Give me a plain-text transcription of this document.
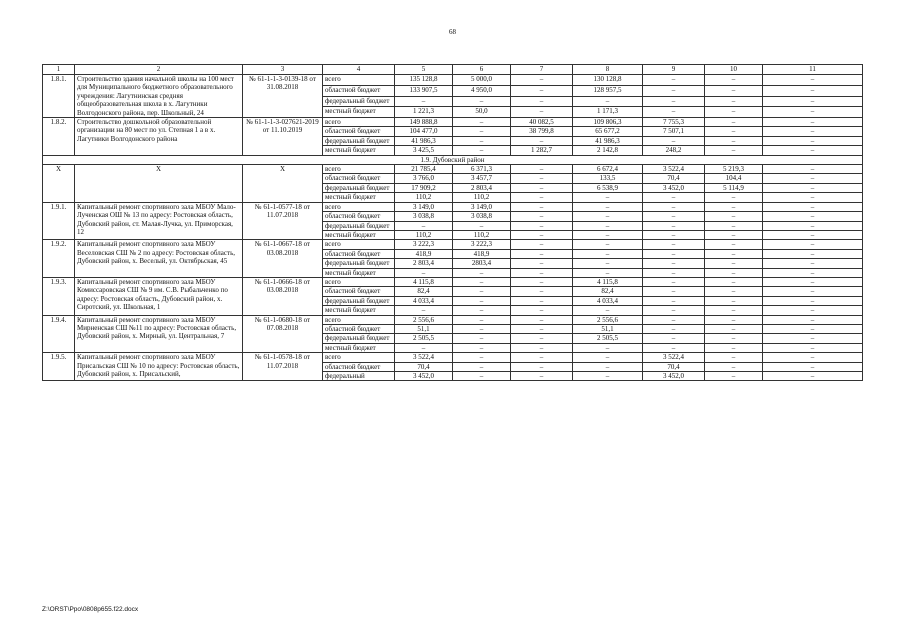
68
1	2	3	4	5	6	7	8	9	10	11
1.8.1.	Строительство здания начальной школы на 100 мест для Муниципального бюджетного образовательного учреждения: Лагутнинская средняя общеобразовательная школа в х. Лагутники Волгодонского района, пер. Школьный, 24	№ 61-1-1-3-0139-18 от 31.08.2018	всего	135 128,8	5 000,0	–	130 128,8	–	–	–
			областной бюджет	133 907,5	4 950,0	–	128 957,5	–	–	–
			федеральный бюджет	–	–	–	–	–	–	–
			местный бюджет	1 221,3	50,0	–	1 171,3	–	–	–
1.8.2.	Строительство дошкольной образовательной организации на 80 мест по ул. Степная 1 а в х. Лагутники Волгодонского района	№ 61-1-1-3-027621-2019 от 11.10.2019	всего	149 888,8	–	40 082,5	109 806,3	7 755,3	–	–
			областной бюджет	104 477,0	–	38 799,8	65 677,2	7 507,1	–	–
			федеральный бюджет	41 986,3	–	–	41 986,3	–	–	–
			местный бюджет	3 425,5	–	1 282,7	2 142,8	248,2	–	–
1.9. Дубовский район										
Х	Х	Х	всего	21 785,4	6 371,3	–	6 672,4	3 522,4	5 219,3	–
			областной бюджет	3 766,0	3 457,7	–	133,5	70,4	104,4	–
			федеральный бюджет	17 909,2	2 803,4	–	6 538,9	3 452,0	5 114,9	–
			местный бюджет	110,2	110,2	–	–	–	–	–
1.9.1.	Капитальный ремонт спортивного зала МБОУ Мало-Лученская ОШ № 13 по адресу: Ростовская область, Дубовский район, ст. Малая-Лучка, ул. Приморская, 12	№ 61-1-0577-18 от 11.07.2018	всего	3 149,0	3 149,0	–	–	–	–	–
			областной бюджет	3 038,8	3 038,8	–	–	–	–	–
			федеральный бюджет	–	–	–	–	–	–	–
			местный бюджет	110,2	110,2	–	–	–	–	–
1.9.2.	Капитальный ремонт спортивного зала МБОУ Веселовская СШ № 2 по адресу: Ростовская область, Дубовский район, х. Веселый, ул. Октябрьская, 45	№ 61-1-0667-18 от 03.08.2018	всего	3 222,3	3 222,3	–	–	–	–	–
			областной бюджет	418,9	418,9	–	–	–	–	–
			федеральный бюджет	2 803,4	2803,4	–	–	–	–	–
			местный бюджет	–	–	–	–	–	–	–
1.9.3.	Капитальный ремонт спортивного зала МБОУ Комиссаровская СШ № 9 им. С.В. Рыбальченко по адресу: Ростовская область, Дубовский район, х. Сиротский, ул. Школьная, 1	№ 61-1-0666-18 от 03.08.2018	всего	4 115,8	–	–	4 115,8	–	–	–
			областной бюджет	82,4	–	–	82,4	–	–	–
			федеральный бюджет	4 033,4	–	–	4 033,4	–	–	–
			местный бюджет	–	–	–	–	–	–	–
1.9.4.	Капитальный ремонт спортивного зала МБОУ Мирненская СШ №11 по адресу: Ростовская область, Дубовский район, х. Мирный, ул. Центральная, 7	№ 61-1-0680-18 от 07.08.2018	всего	2 556,6	–	–	2 556,6	–	–	–
			областной бюджет	51,1	–	–	51,1	–	–	–
			федеральный бюджет	2 505,5	–	–	2 505,5	–	–	–
			местный бюджет	–	–	–	–	–	–	–
1.9.5.	Капитальный ремонт спортивного зала МБОУ Присальская СШ № 10 по адресу: Ростовская область, Дубовский район, х. Присальский,	№ 61-1-0578-18 от 11.07.2018	всего	3 522,4	–	–	–	3 522,4	–	–
			областной бюджет	70,4	–	–	–	70,4	–	–
			федеральный	3 452,0	–	–	–	3 452,0	–	–
Z:\ORST\Ppo\0808p655.f22.docx
